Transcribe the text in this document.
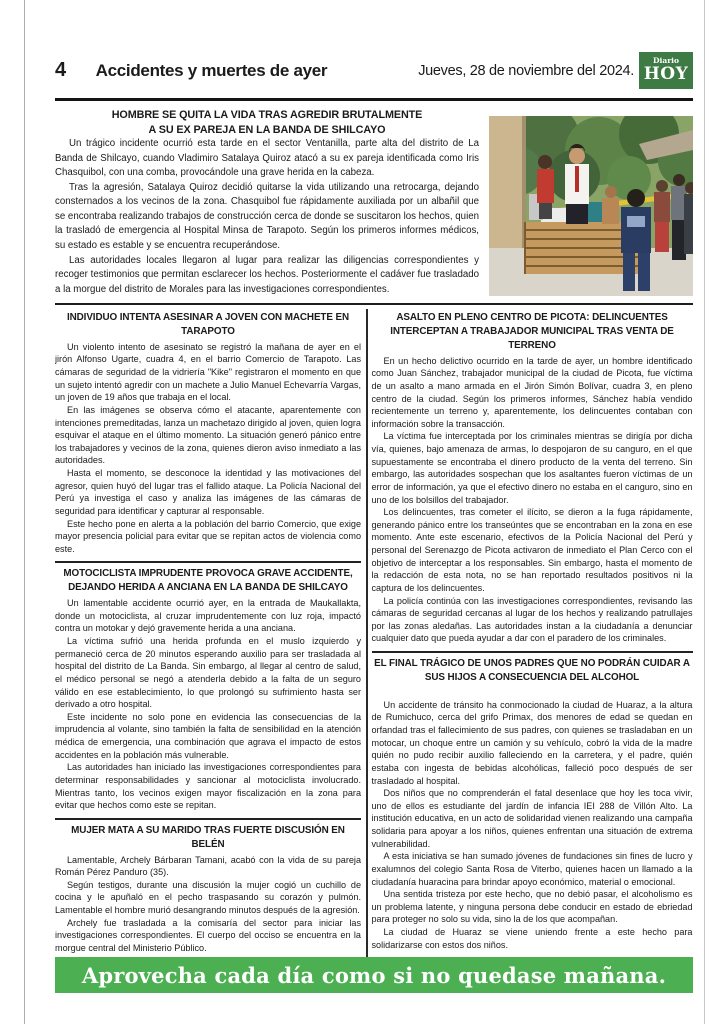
4 Accidentes y muertes de ayer	Jueves, 28 de noviembre del 2024.
Diario
HOY
HOMBRE SE QUITA LA VIDA TRAS AGREDIR BRUTALMENTE
A SU EX PAREJA EN LA BANDA DE SHILCAYO

Un trágico incidente ocurrió esta tarde en el sector Ventanilla, parte alta del distrito de La Banda de Shilcayo, cuando Vladimiro Satalaya Quiroz atacó a su ex pareja identificada como Iris Chasquibol, con una comba, provocándole una grave herida en la cabeza.

Tras la agresión, Satalaya Quiroz decidió quitarse la vida utilizando una retrocarga, dejando consternados a los vecinos de la zona. Chasquibol fue rápidamente auxiliada por un albañil que se encontraba realizando trabajos de construcción cerca de donde se suscitaron los hechos, quien la trasladó de emergencia al Hospital Minsa de Tarapoto. Según los primeros informes médicos, su estado es estable y se encuentra recuperándose.

Las autoridades locales llegaron al lugar para realizar las diligencias correspondientes y recoger testimonios que permitan esclarecer los hechos. Posteriormente el cadáver fue trasladado a la morgue del distrito de Morales para las investigaciones correspondientes.

INDIVIDUO INTENTA ASESINAR A JOVEN CON MACHETE EN TARAPOTO

Un violento intento de asesinato se registró la mañana de ayer en el jirón Alfonso Ugarte, cuadra 4, en el barrio Comercio de Tarapoto. Las cámaras de seguridad de la vidriería "Kike" registraron el momento en que un sujeto intentó agredir con un machete a Julio Manuel Echevarría Vargas, un joven de 19 años que trabaja en el local.

En las imágenes se observa cómo el atacante, aparentemente con intenciones premeditadas, lanza un machetazo dirigido al joven, quien logra esquivar el ataque en el último momento. La situación generó pánico entre los trabajadores y vecinos de la zona, quienes dieron aviso inmediato a las autoridades.

Hasta el momento, se desconoce la identidad y las motivaciones del agresor, quien huyó del lugar tras el fallido ataque. La Policía Nacional del Perú ya investiga el caso y analiza las imágenes de las cámaras de seguridad para identificar y capturar al responsable.

Este hecho pone en alerta a la población del barrio Comercio, que exige mayor presencia policial para evitar que se repitan actos de violencia como este.

MOTOCICLISTA IMPRUDENTE PROVOCA GRAVE ACCIDENTE, DEJANDO HERIDA A ANCIANA EN LA BANDA DE SHILCAYO

Un lamentable accidente ocurrió ayer, en la entrada de Maukallakta, donde un motociclista, al cruzar imprudentemente con luz roja, impactó contra un motokar y dejó gravemente herida a una anciana.

La víctima sufrió una herida profunda en el muslo izquierdo y permaneció cerca de 20 minutos esperando auxilio para ser trasladada al hospital del distrito de La Banda. Sin embargo, al llegar al centro de salud, el médico personal se negó a atenderla debido a la falta de un seguro válido en ese establecimiento, lo que prolongó su sufrimiento hasta ser derivado a otro hospital.

Este incidente no solo pone en evidencia las consecuencias de la imprudencia al volante, sino también la falta de sensibilidad en la atención médica de emergencia, una combinación que agrava el impacto de estos accidentes en la población más vulnerable.

Las autoridades han iniciado las investigaciones correspondientes para determinar responsabilidades y sancionar al motociclista involucrado. Mientras tanto, los vecinos exigen mayor fiscalización en la zona para evitar que hechos como este se repitan.

MUJER MATA A SU MARIDO TRAS FUERTE DISCUSIÓN EN BELÉN

Lamentable, Archely Bárbaran Tamani, acabó con la vida de su pareja Román Pérez Panduro (35).

Según testigos, durante una discusión la mujer cogió un cuchillo de cocina y le apuñaló en el pecho traspasando su corazón y pulmón. Lamentable el hombre murió desangrando minutos después de la agresión.

Archely fue trasladada a la comisaría del sector para iniciar las investigaciones correspondientes. El cuerpo del occiso se encuentra en la morgue central del Ministerio Público.

ASALTO EN PLENO CENTRO DE PICOTA: DELINCUENTES INTERCEPTAN A TRABAJADOR MUNICIPAL TRAS VENTA DE TERRENO

En un hecho delictivo ocurrido en la tarde de ayer, un hombre identificado como Juan Sánchez, trabajador municipal de la ciudad de Picota, fue víctima de un asalto a mano armada en el Jirón Simón Bolívar, cuadra 3, en pleno centro de la ciudad. Según los primeros informes, Sánchez había vendido recientemente un terreno y, aparentemente, los delincuentes contaban con información sobre la transacción.

La víctima fue interceptada por los criminales mientras se dirigía por dicha vía, quienes, bajo amenaza de armas, lo despojaron de su canguro, en el que supuestamente se encontraba el dinero producto de la venta del terreno. Sin embargo, las autoridades sospechan que los asaltantes fueron víctimas de un error de información, ya que el efectivo dinero no estaba en el canguro, sino en uno de los bolsillos del trabajador.

Los delincuentes, tras cometer el ilícito, se dieron a la fuga rápidamente, generando pánico entre los transeúntes que se encontraban en la zona en ese momento. Ante este escenario, efectivos de la Policía Nacional del Perú y personal del Serenazgo de Picota activaron de inmediato el Plan Cerco con el objetivo de interceptar a los responsables. Sin embargo, hasta el momento de la redacción de esta nota, no se han reportado resultados positivos ni la captura de los delincuentes.

La policía continúa con las investigaciones correspondientes, revisando las cámaras de seguridad cercanas al lugar de los hechos y realizando patrullajes por las zonas aledañas. Las autoridades instan a la ciudadanía a denunciar cualquier dato que pueda ayudar a dar con el paradero de los criminales.

EL FINAL TRÁGICO DE UNOS PADRES QUE NO PODRÁN CUIDAR A SUS HIJOS A CONSECUENCIA DEL ALCOHOL

Un accidente de tránsito ha conmocionado la ciudad de Huaraz, a la altura de Rumichuco, cerca del grifo Primax, dos menores de edad se quedan en orfandad tras el fallecimiento de sus padres, con quienes se trasladaban en un motocar, un choque entre un camión y su vehículo, cobró la vida de la madre quién no pudo recibir auxilio falleciendo en la carretera, y el padre, quién estaba con ingesta de bebidas alcohólicas, falleció poco después de ser trasladado al hospital.

Dos niños que no comprenderán el fatal desenlace que hoy les toca vivir, uno de ellos es estudiante del jardín de infancia IEI 288 de Villón Alto. La institución educativa, en un acto de solidaridad vienen realizando una campaña solidaria para apoyar a los niños, quienes enfrentan una situación de extrema vulnerabilidad.

A esta iniciativa se han sumado jóvenes de fundaciones sin fines de lucro y exalumnos del colegio Santa Rosa de Viterbo, quienes hacen un llamado a la ciudadanía huaracina para brindar apoyo económico, material o emocional.

Una sentida tristeza por este hecho, que no debió pasar, el alcoholismo es un problema latente, y ninguna persona debe conducir en estado de ebriedad para proteger no solo su vida, sino la de los que acompañan.

La ciudad de Huaraz se viene uniendo frente a este hecho para solidarizarse con estos dos niños.

Aprovecha cada día como si no quedase mañana.
